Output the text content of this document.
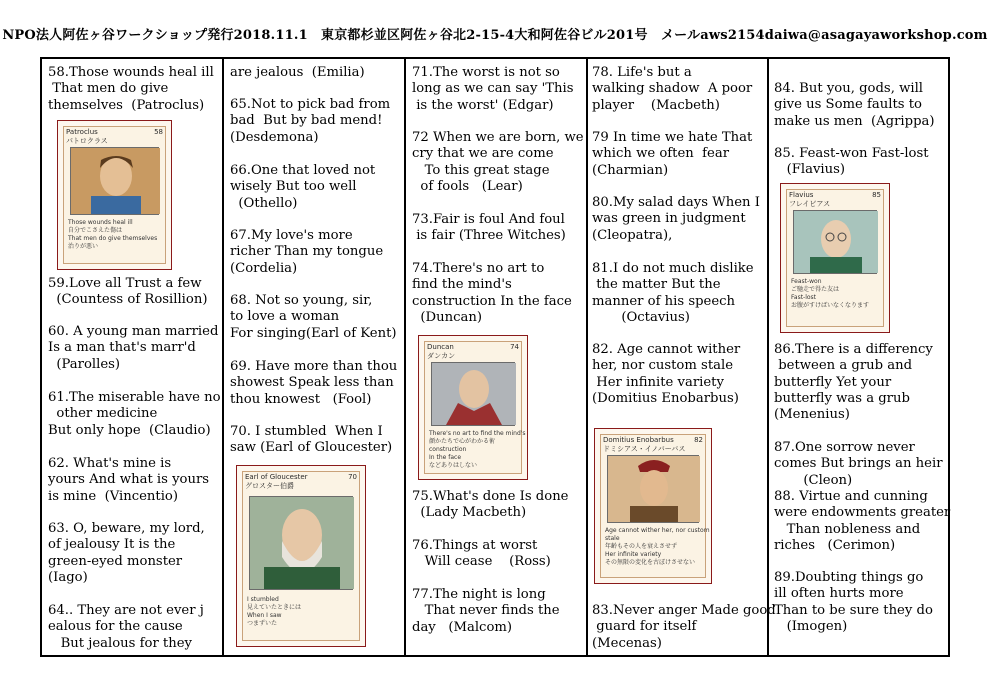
NPO法人阿佐ヶ谷ワークショップ発行2018.11.1　東京都杉並区阿佐ヶ谷北2-15-4大和阿佐谷ビル201号　メールaws2154daiwa@asagayaworkshop.com
58.Those wounds heal ill
That men do give
themselves  (Patroclus)
Patroclus
パトロクラス
58
Those wounds heal ill
自分でこさえた傷は
That men do give themselves
治りが悪い
59.Love all Trust a few
(Countess of Rosillion)
60. A young man married
Is a man that's marr'd
(Parolles)
61.The miserable have no
other medicine
But only hope  (Claudio)
62. What's mine is
yours And what is yours
is mine  (Vincentio)
63. O, beware, my lord,
of jealousy It is the
green-eyed monster
(Iago)
64.. They are not ever j
ealous for the cause
But jealous for they
are jealous  (Emilia)
65.Not to pick bad from
bad  But by bad mend!
(Desdemona)
66.One that loved not
wisely But too well
(Othello)
67.My love's more
richer Than my tongue
(Cordelia)
68. Not so young, sir,
to love a woman
For singing(Earl of Kent)
69. Have more than thou
showest Speak less than
thou knowest   (Fool)
70. I stumbled  When I
saw (Earl of Gloucester)
Earl of Gloucester
グロスター伯爵
70
I stumbled
見えていたときには
When I saw
つまずいた
71.The worst is not so
long as we can say 'This
is the worst' (Edgar)
72 When we are born, we
cry that we are come
To this great stage
of fools   (Lear)
73.Fair is foul And foul
is fair (Three Witches)
74.There's no art to
find the mind's
construction In the face
(Duncan)
Duncan
ダンカン
74
There's no art to find the mind's
顔かたちで心がわかる術
construction
In the face
などありはしない
75.What's done Is done
(Lady Macbeth)
76.Things at worst
Will cease    (Ross)
77.The night is long
That never finds the
day   (Malcom)
78. Life's but a
walking shadow  A poor
player    (Macbeth)
79 In time we hate That
which we often  fear
(Charmian)
80.My salad days When I
was green in judgment
(Cleopatra),
81.I do not much dislike
the matter But the
manner of his speech
(Octavius)
82. Age cannot wither
her, nor custom stale
Her infinite variety
(Domitius Enobarbus)
Domitius Enobarbus
ドミシアス・イノバーバス
82
Age cannot wither her, nor custom
stale
年齢もその人を衰えさせず
Her infinite variety
その無限の変化を古ぼけさせない
83.Never anger Made good
guard for itself
(Mecenas)
84. But you, gods, will
give us Some faults to
make us men  (Agrippa)
85. Feast-won Fast-lost
(Flavius)
Flavius
フレイビアス
85
Feast-won
ご馳走で得た友は
Fast-lost
お腹がすけばいなくなります
86.There is a differency
between a grub and
butterfly Yet your
butterfly was a grub
(Menenius)
87.One sorrow never
comes But brings an heir
(Cleon)
88. Virtue and cunning
were endowments greater
Than nobleness and
riches   (Cerimon)
89.Doubting things go
ill often hurts more
Than to be sure they do
(Imogen)
